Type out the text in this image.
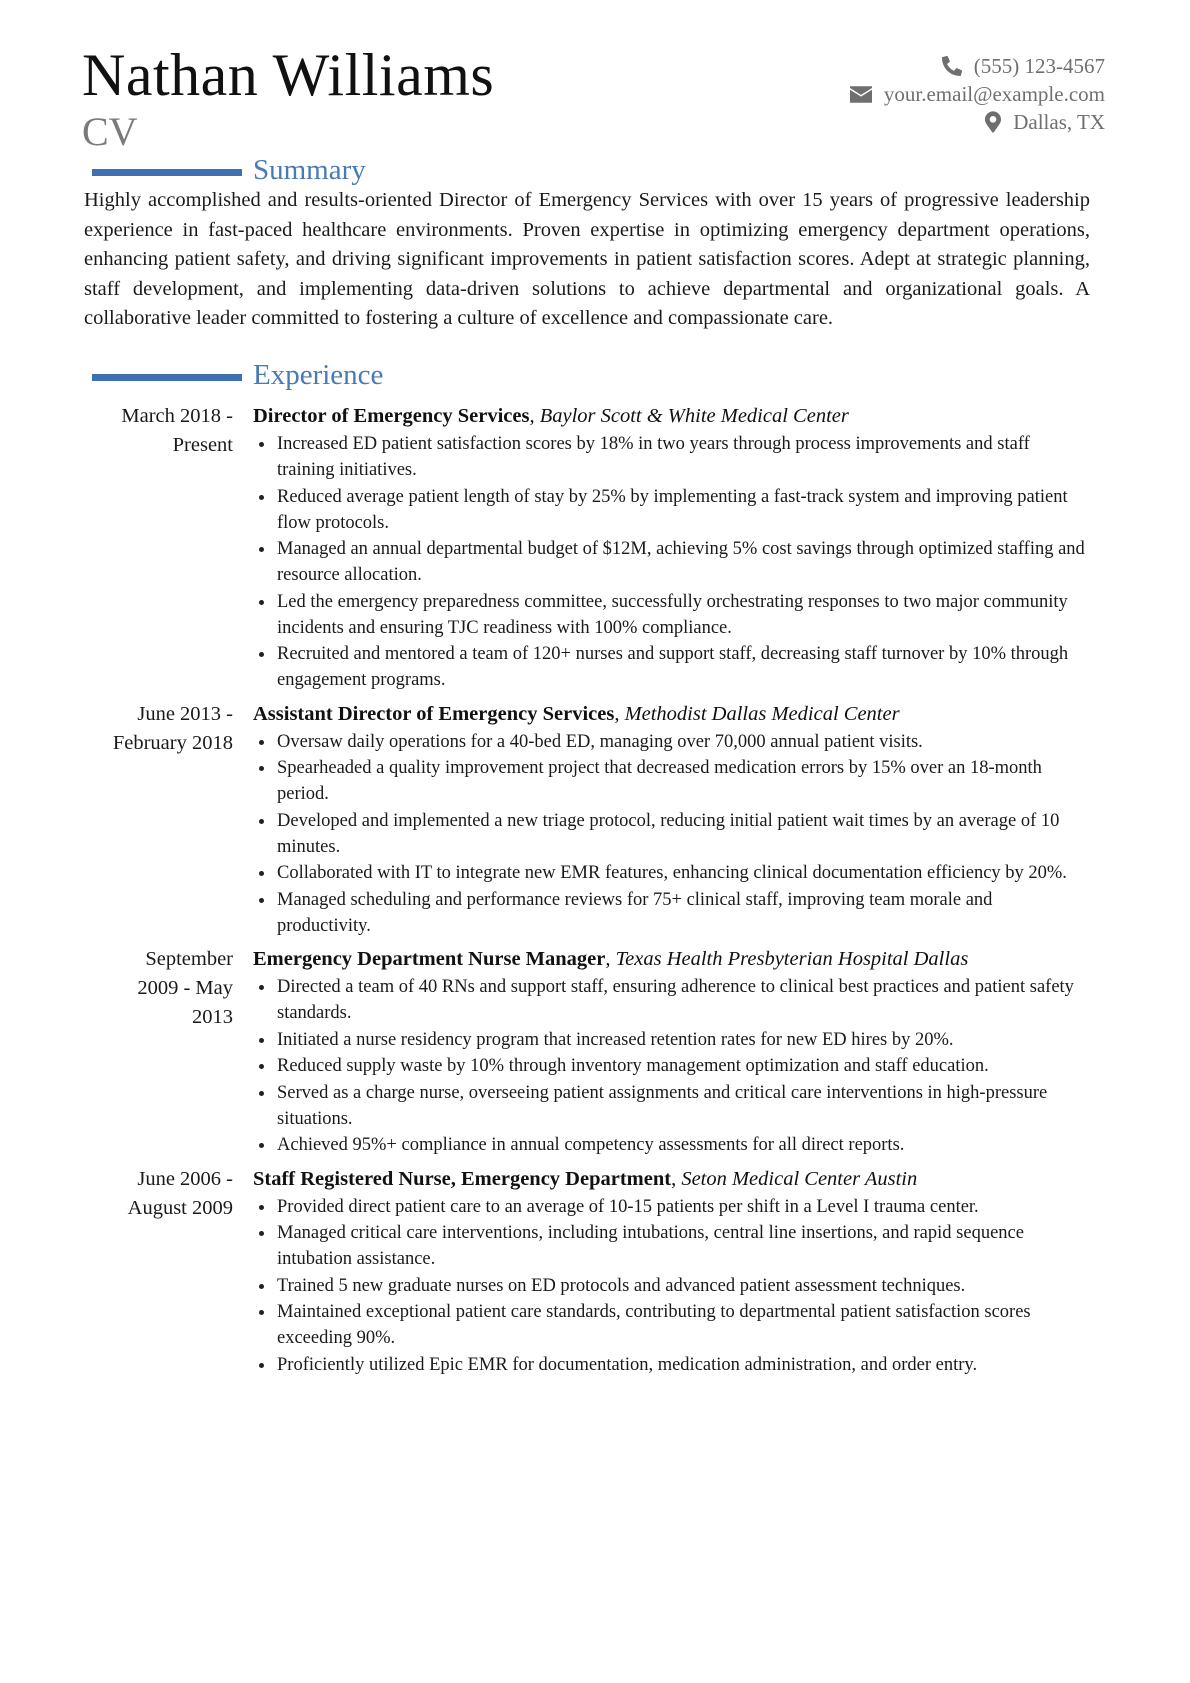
Nathan Williams
CV
(555) 123-4567
your.email@example.com
Dallas, TX
Summary
Highly accomplished and results-oriented Director of Emergency Services with over 15 years of progressive leadership experience in fast-paced healthcare environments. Proven expertise in optimizing emergency department operations, enhancing patient safety, and driving significant improvements in patient satisfaction scores. Adept at strategic planning, staff development, and implementing data-driven solutions to achieve departmental and organizational goals. A collaborative leader committed to fostering a culture of excellence and compassionate care.
Experience
March 2018 - Present
Director of Emergency Services, Baylor Scott & White Medical Center
Increased ED patient satisfaction scores by 18% in two years through process improvements and staff training initiatives.
Reduced average patient length of stay by 25% by implementing a fast-track system and improving patient flow protocols.
Managed an annual departmental budget of $12M, achieving 5% cost savings through optimized staffing and resource allocation.
Led the emergency preparedness committee, successfully orchestrating responses to two major community incidents and ensuring TJC readiness with 100% compliance.
Recruited and mentored a team of 120+ nurses and support staff, decreasing staff turnover by 10% through engagement programs.
June 2013 - February 2018
Assistant Director of Emergency Services, Methodist Dallas Medical Center
Oversaw daily operations for a 40-bed ED, managing over 70,000 annual patient visits.
Spearheaded a quality improvement project that decreased medication errors by 15% over an 18-month period.
Developed and implemented a new triage protocol, reducing initial patient wait times by an average of 10 minutes.
Collaborated with IT to integrate new EMR features, enhancing clinical documentation efficiency by 20%.
Managed scheduling and performance reviews for 75+ clinical staff, improving team morale and productivity.
September 2009 - May 2013
Emergency Department Nurse Manager, Texas Health Presbyterian Hospital Dallas
Directed a team of 40 RNs and support staff, ensuring adherence to clinical best practices and patient safety standards.
Initiated a nurse residency program that increased retention rates for new ED hires by 20%.
Reduced supply waste by 10% through inventory management optimization and staff education.
Served as a charge nurse, overseeing patient assignments and critical care interventions in high-pressure situations.
Achieved 95%+ compliance in annual competency assessments for all direct reports.
June 2006 - August 2009
Staff Registered Nurse, Emergency Department, Seton Medical Center Austin
Provided direct patient care to an average of 10-15 patients per shift in a Level I trauma center.
Managed critical care interventions, including intubations, central line insertions, and rapid sequence intubation assistance.
Trained 5 new graduate nurses on ED protocols and advanced patient assessment techniques.
Maintained exceptional patient care standards, contributing to departmental patient satisfaction scores exceeding 90%.
Proficiently utilized Epic EMR for documentation, medication administration, and order entry.
